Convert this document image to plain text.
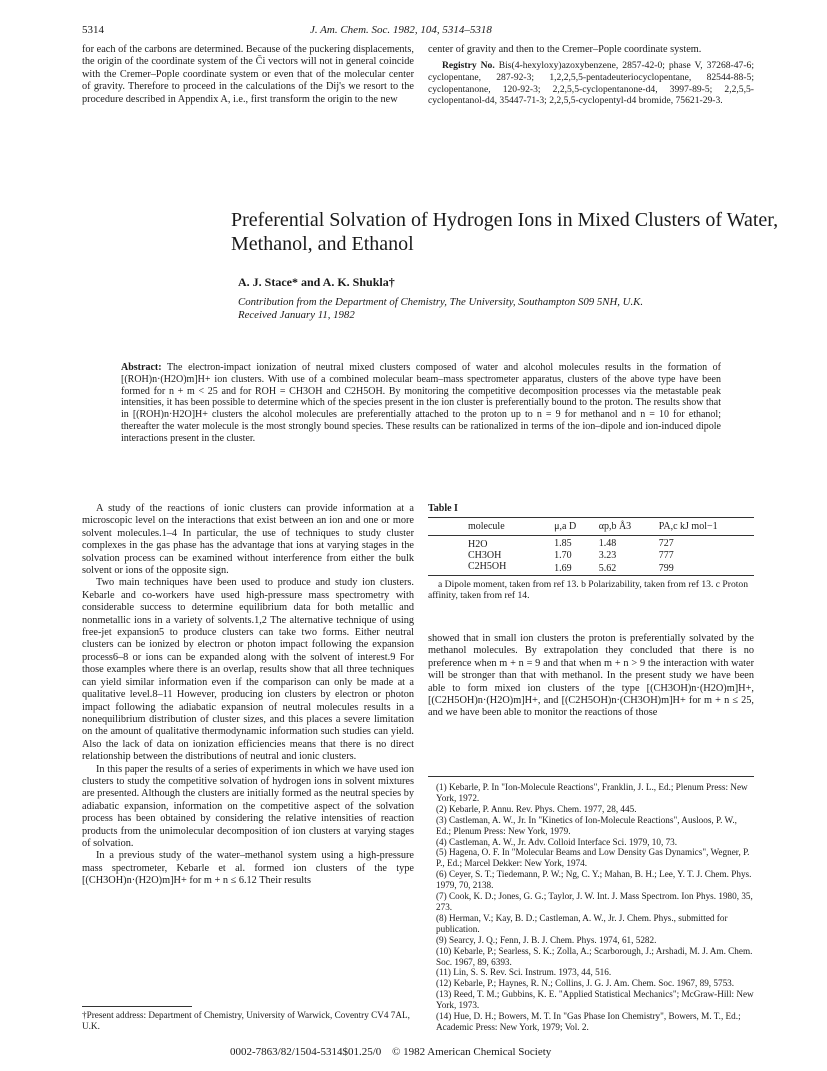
5314	J. Am. Chem. Soc. 1982, 104, 5314–5318

for each of the carbons are determined. Because of the puckering displacements, the origin of the coordinate system of the C̄i vectors will not in general coincide with the Cremer–Pople coordinate system or even that of the molecular center of gravity. Therefore to proceed in the calculations of the Dij's we resort to the procedure described in Appendix A, i.e., first transform the origin to the new

center of gravity and then to the Cremer–Pople coordinate system.

Registry No. Bis(4-hexyloxy)azoxybenzene, 2857-42-0; phase V, 37268-47-6; cyclopentane, 287-92-3; 1,2,2,5,5-pentadeuteriocyclopentane, 82544-88-5; cyclopentanone, 120-92-3; 2,2,5,5-cyclopentanone-d4, 3997-89-5; 2,2,5,5-cyclopentanol-d4, 35447-71-3; 2,2,5,5-cyclopentyl-d4 bromide, 75621-29-3.

Preferential Solvation of Hydrogen Ions in Mixed Clusters of Water, Methanol, and Ethanol
A. J. Stace* and A. K. Shukla†
Contribution from the Department of Chemistry, The University, Southampton S09 5NH, U.K.
Received January 11, 1982
Abstract: The electron-impact ionization of neutral mixed clusters composed of water and alcohol molecules results in the formation of [(ROH)n·(H2O)m]H+ ion clusters. With use of a combined molecular beam–mass spectrometer apparatus, clusters of the above type have been formed for n + m < 25 and for ROH = CH3OH and C2H5OH. By monitoring the competitive decomposition processes via the metastable peak intensities, it has been possible to determine which of the species present in the ion cluster is preferentially bound to the proton. The results show that in [(ROH)n·H2O]H+ clusters the alcohol molecules are preferentially attached to the proton up to n = 9 for methanol and n = 10 for ethanol; thereafter the water molecule is the most strongly bound species. These results can be rationalized in terms of the ion–dipole and ion-induced dipole interactions present in the cluster.

A study of the reactions of ionic clusters can provide information at a microscopic level on the interactions that exist between an ion and one or more solvent molecules.1–4 In particular, the use of techniques to study cluster complexes in the gas phase has the advantage that ions at varying stages in the solvation process can be examined without interference from either the bulk solvent or ions of the opposite sign.

Two main techniques have been used to produce and study ion clusters. Kebarle and co-workers have used high-pressure mass spectrometry with considerable success to determine equilibrium data for both metallic and nonmetallic ions in a variety of solvents.1,2 The alternative technique of using free-jet expansion5 to produce clusters can take two forms. Either neutral clusters can be ionized by electron or photon impact following the expansion process6–8 or ions can be expanded along with the solvent of interest.9 For those examples where there is an overlap, results show that all three techniques can yield similar information even if the comparison can only be made at a qualitative level.8–11 However, producing ion clusters by electron or photon impact following the adiabatic expansion of neutral molecules results in a nonequilibrium distribution of cluster sizes, and this places a severe limitation on the amount of qualitative thermodynamic information such studies can yield. Also the lack of data on ionization efficiencies means that there is no direct relationship between the distributions of neutral and ionic clusters.

In this paper the results of a series of experiments in which we have used ion clusters to study the competitive solvation of hydrogen ions in solvent mixtures are presented. Although the clusters are initially formed as the neutral species by adiabatic expansion, information on the competitive aspect of the solvation process has been obtained by considering the relative intensities of reaction products from the unimolecular decomposition of ion clusters at varying stages of solvation.

In a previous study of the water–methanol system using a high-pressure mass spectrometer, Kebarle et al. formed ion clusters of the type [(CH3OH)n·(H2O)m]H+ for m + n ≤ 6.12 Their results

†Present address: Department of Chemistry, University of Warwick, Coventry CV4 7AL, U.K.
Table I
molecule	μ,a D	αp,b Å3	PA,c kJ mol−1
H2O	1.85	1.48	727
CH3OH	1.70	3.23	777
C2H5OH	1.69	5.62	799
a Dipole moment, taken from ref 13. b Polarizability, taken from ref 13. c Proton affinity, taken from ref 14.

showed that in small ion clusters the proton is preferentially solvated by the methanol molecules. By extrapolation they concluded that there is no preference when m + n = 9 and that when m + n > 9 the interaction with water will be stronger than that with methanol. In the present study we have been able to form mixed ion clusters of the type [(CH3OH)n·(H2O)m]H+, [(C2H5OH)n·(H2O)m]H+, and [(C2H5OH)n·(CH3OH)m]H+ for m + n ≤ 25, and we have been able to monitor the reactions of those

(1) Kebarle, P. In "Ion-Molecule Reactions", Franklin, J. L., Ed.; Plenum Press: New York, 1972.
(2) Kebarle, P. Annu. Rev. Phys. Chem. 1977, 28, 445.
(3) Castleman, A. W., Jr. In "Kinetics of Ion-Molecule Reactions", Ausloos, P. W., Ed.; Plenum Press: New York, 1979.
(4) Castleman, A. W., Jr. Adv. Colloid Interface Sci. 1979, 10, 73.
(5) Hagena, O. F. In "Molecular Beams and Low Density Gas Dynamics", Wegner, P. P., Ed.; Marcel Dekker: New York, 1974.
(6) Ceyer, S. T.; Tiedemann, P. W.; Ng, C. Y.; Mahan, B. H.; Lee, Y. T. J. Chem. Phys. 1979, 70, 2138.
(7) Cook, K. D.; Jones, G. G.; Taylor, J. W. Int. J. Mass Spectrom. Ion Phys. 1980, 35, 273.
(8) Herman, V.; Kay, B. D.; Castleman, A. W., Jr. J. Chem. Phys., submitted for publication.
(9) Searcy, J. Q.; Fenn, J. B. J. Chem. Phys. 1974, 61, 5282.
(10) Kebarle, P.; Searless, S. K.; Zolla, A.; Scarborough, J.; Arshadi, M. J. Am. Chem. Soc. 1967, 89, 6393.
(11) Lin, S. S. Rev. Sci. Instrum. 1973, 44, 516.
(12) Kebarle, P.; Haynes, R. N.; Collins, J. G. J. Am. Chem. Soc. 1967, 89, 5753.
(13) Reed, T. M.; Gubbins, K. E. "Applied Statistical Mechanics"; McGraw-Hill: New York, 1973.
(14) Hue, D. H.; Bowers, M. T. In "Gas Phase Ion Chemistry", Bowers, M. T., Ed.; Academic Press: New York, 1979; Vol. 2.
0002-7863/82/1504-5314$01.25/0 © 1982 American Chemical Society
